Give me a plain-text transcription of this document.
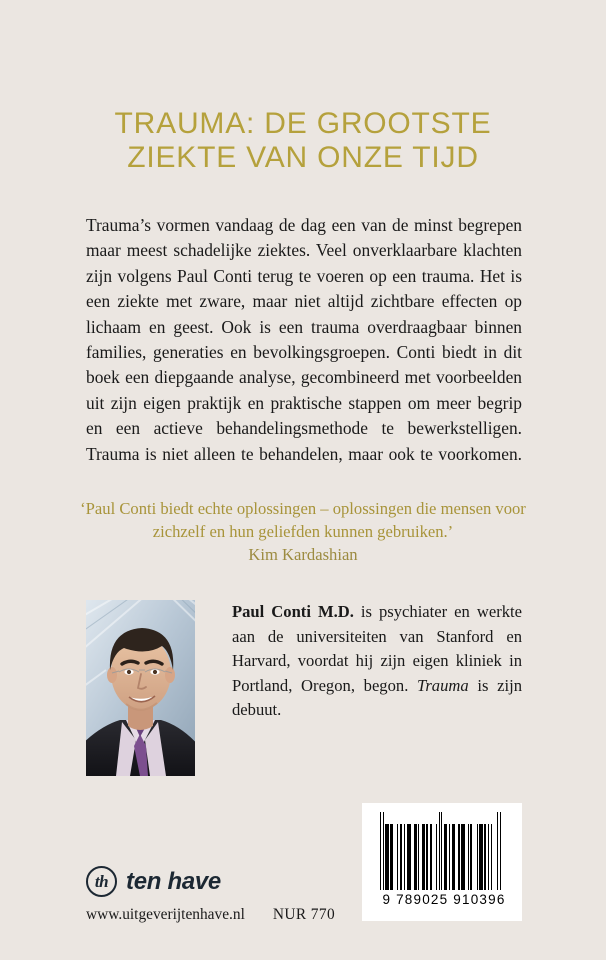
TRAUMA: DE GROOTSTE
ZIEKTE VAN ONZE TIJD

Trauma’s vormen vandaag de dag een van de minst begrepen maar meest schadelijke ziektes. Veel onverklaarbare klachten zijn volgens Paul Conti terug te voeren op een trauma. Het is een ziekte met zware, maar niet altijd zichtbare effecten op lichaam en geest. Ook is een trauma overdraagbaar binnen families, generaties en bevolkingsgroepen. Conti biedt in dit boek een diepgaande analyse, gecombineerd met voorbeelden uit zijn eigen praktijk en praktische stappen om meer begrip en een actieve behandelingsmethode te bewerkstelligen. Trauma is niet alleen te behandelen, maar ook te voorkomen.

‘Paul Conti biedt echte oplossingen – oplossingen die mensen voor zichzelf en hun geliefden kunnen gebruiken.’
Kim Kardashian
Paul Conti M.D. is psychiater en werkte aan de universiteiten van Stanford en Harvard, voordat hij zijn eigen kliniek in Portland, Oregon, begon. Trauma is zijn debuut.
th ten have
www.uitgeverijtenhave.nl NUR 770
9 789025 910396
